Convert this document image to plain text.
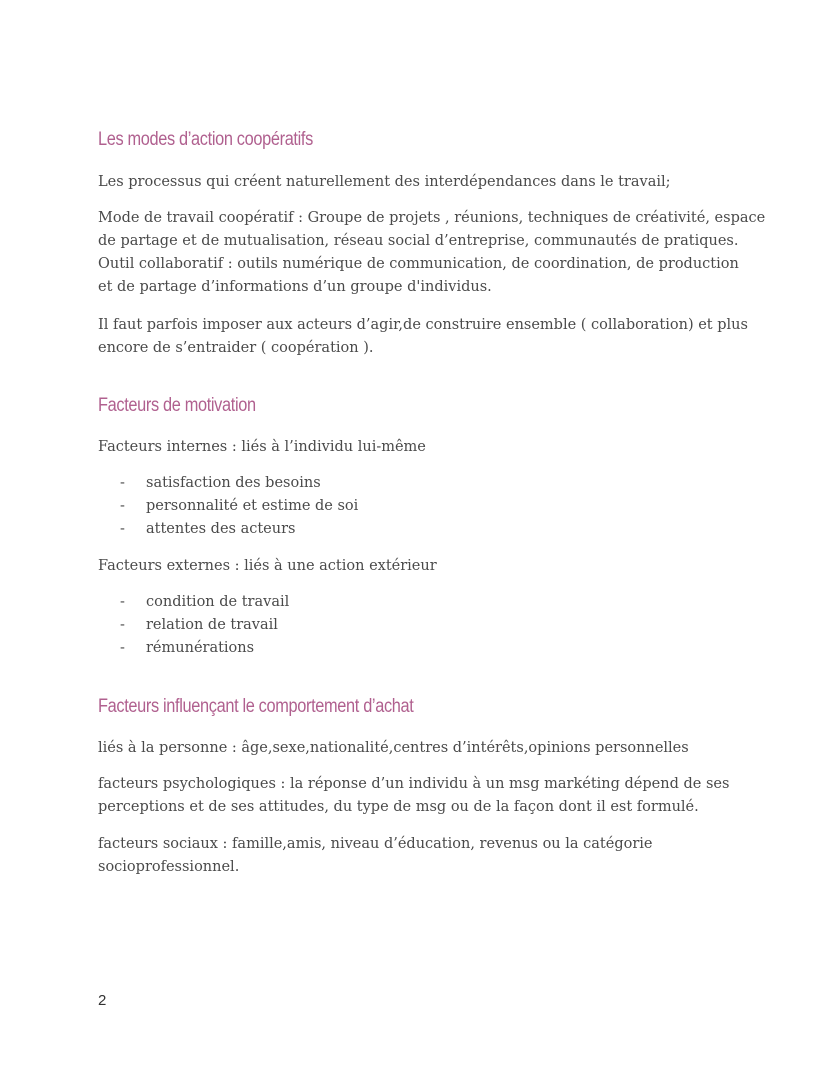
Les modes d’action coopératifs

Les processus qui créent naturellement des interdépendances dans le travail;

Mode de travail coopératif : Groupe de projets , réunions, techniques de créativité, espace
de partage et de mutualisation, réseau social d’entreprise, communautés de pratiques.
Outil collaboratif : outils numérique de communication, de coordination, de production
et de partage d’informations d’un groupe d'individus.
Il faut parfois imposer aux acteurs d’agir,de construire ensemble ( collaboration) et plus
encore de s’entraider ( coopération ).
Facteurs de motivation

Facteurs internes : liés à l’individu lui-même

- satisfaction des besoins
- personnalité et estime de soi
- attentes des acteurs

Facteurs externes : liés à une action extérieur

- condition de travail
- relation de travail
- rémunérations
Facteurs influençant le comportement d’achat

liés à la personne : âge,sexe,nationalité,centres d’intérêts,opinions personnelles

facteurs psychologiques : la réponse d’un individu à un msg markéting dépend de ses
perceptions et de ses attitudes, du type de msg ou de la façon dont il est formulé.
facteurs sociaux : famille,amis, niveau d’éducation, revenus ou la catégorie
socioprofessionnel.
2
